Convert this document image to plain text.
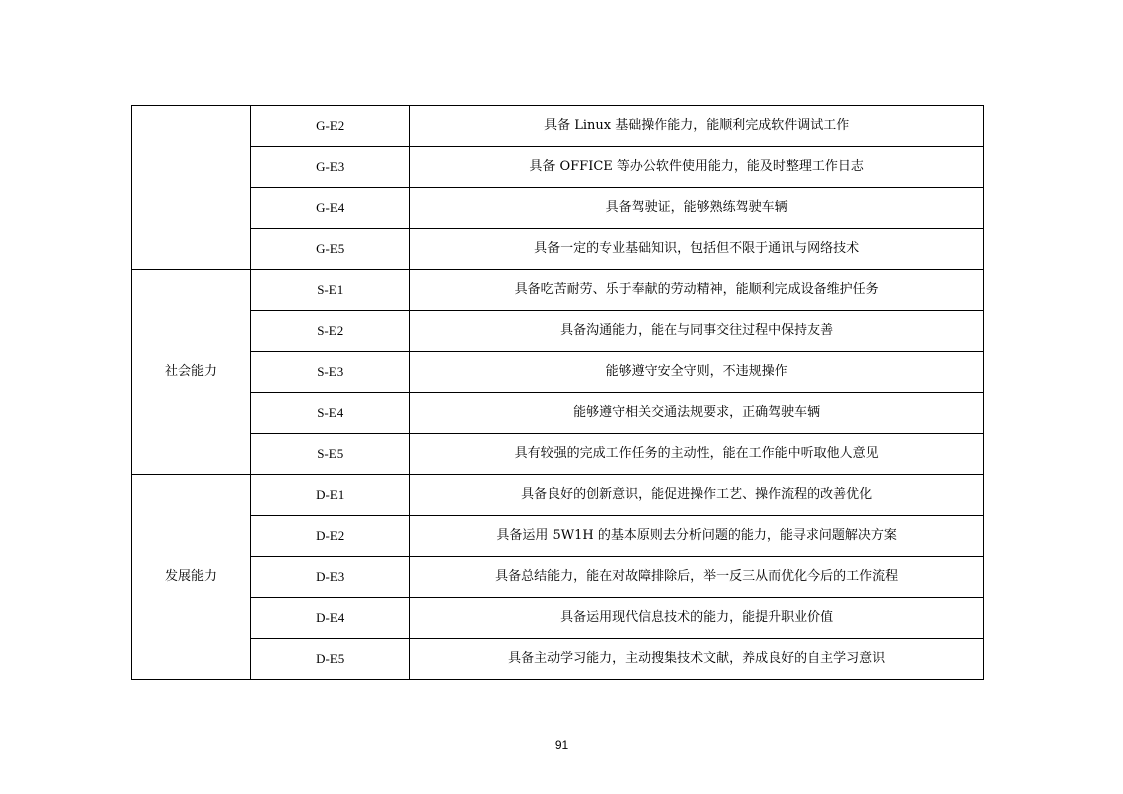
	G-E2	具备 Linux 基础操作能力，能顺利完成软件调试工作
	G-E3	具备 OFFICE 等办公软件使用能力，能及时整理工作日志
	G-E4	具备驾驶证，能够熟练驾驶车辆
	G-E5	具备一定的专业基础知识，包括但不限于通讯与网络技术
社会能力	S-E1	具备吃苦耐劳、乐于奉献的劳动精神，能顺利完成设备维护任务
	S-E2	具备沟通能力，能在与同事交往过程中保持友善
	S-E3	能够遵守安全守则，不违规操作
	S-E4	能够遵守相关交通法规要求，正确驾驶车辆
	S-E5	具有较强的完成工作任务的主动性，能在工作能中听取他人意见
发展能力	D-E1	具备良好的创新意识，能促进操作工艺、操作流程的改善优化
	D-E2	具备运用 5W1H 的基本原则去分析问题的能力，能寻求问题解决方案
	D-E3	具备总结能力，能在对故障排除后，举一反三从而优化今后的工作流程
	D-E4	具备运用现代信息技术的能力，能提升职业价值
	D-E5	具备主动学习能力，主动搜集技术文献，养成良好的自主学习意识
91
